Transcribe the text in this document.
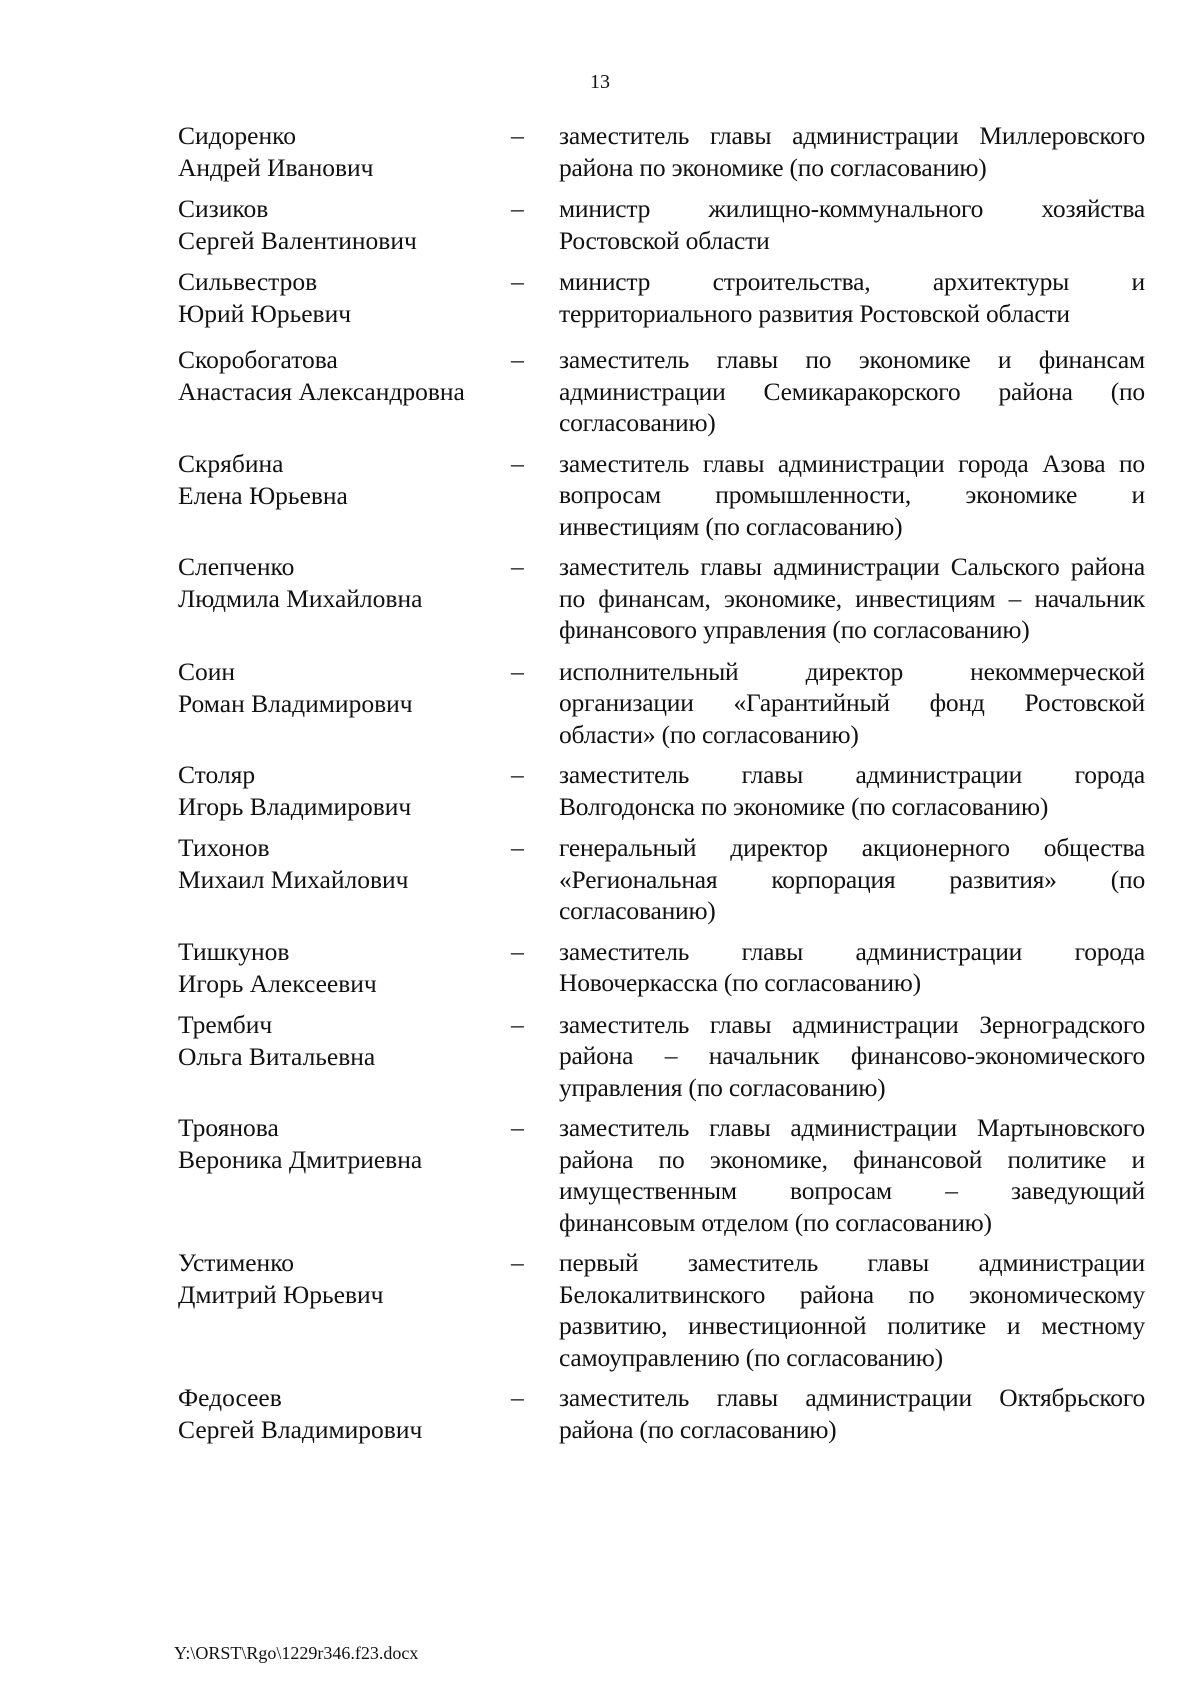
13
Сидоренко
Андрей Иванович
–	заместитель главы администрации Миллеровского района по экономике (по согласованию)
Сизиков
Сергей Валентинович
–	министр жилищно-коммунального хозяйства Ростовской области
Сильвестров
Юрий Юрьевич
–	министр строительства, архитектуры и территориального развития Ростовской области
Скоробогатова
Анастасия Александровна
–	заместитель главы по экономике и финансам администрации Семикаракорского района (по согласованию)
Скрябина
Елена Юрьевна
–	заместитель главы администрации города Азова по вопросам промышленности, экономике и инвестициям (по согласованию)
Слепченко
Людмила Михайловна
–	заместитель главы администрации Сальского района по финансам, экономике, инвестициям – начальник финансового управления (по согласованию)
Соин
Роман Владимирович
–	исполнительный директор некоммерческой организации «Гарантийный фонд Ростовской области» (по согласованию)
Столяр
Игорь Владимирович
–	заместитель главы администрации города Волгодонска по экономике (по согласованию)
Тихонов
Михаил Михайлович
–	генеральный директор акционерного общества «Региональная корпорация развития» (по согласованию)
Тишкунов
Игорь Алексеевич
–	заместитель главы администрации города Новочеркасска (по согласованию)
Трембич
Ольга Витальевна
–	заместитель главы администрации Зерноградского района – начальник финансово-экономического управления (по согласованию)
Троянова
Вероника Дмитриевна
–	заместитель главы администрации Мартыновского района по экономике, финансовой политике и имущественным вопросам – заведующий финансовым отделом (по согласованию)
Устименко
Дмитрий Юрьевич
–	первый заместитель главы администрации Белокалитвинского района по экономическому развитию, инвестиционной политике и местному самоуправлению (по согласованию)
Федосеев
Сергей Владимирович
–	заместитель главы администрации Октябрьского района (по согласованию)
Y:\ORST\Rgo\1229r346.f23.docx
